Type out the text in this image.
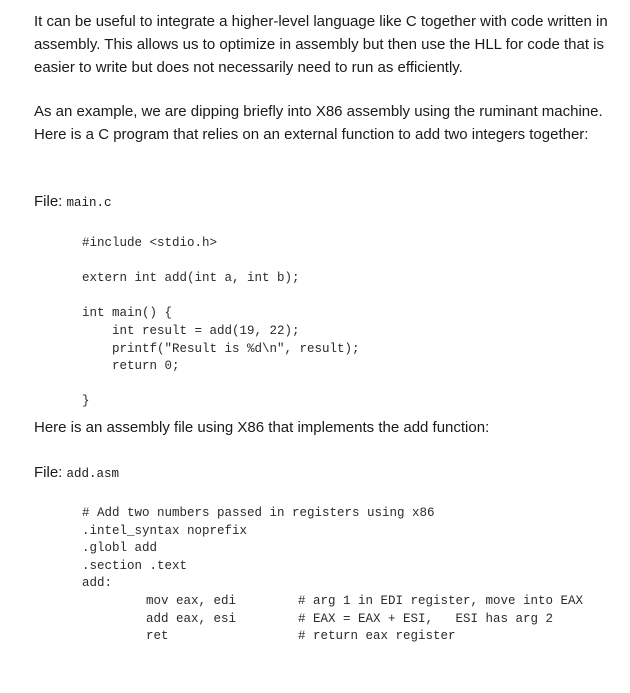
It can be useful to integrate a higher-level language like C together with code written in assembly. This allows us to optimize in assembly but then use the HLL for code that is easier to write but does not necessarily need to run as efficiently.

As an example, we are dipping briefly into X86 assembly using the ruminant machine. Here is a C program that relies on an external function to add two integers together:

File: main.c
#include <stdio.h>
extern int add(int a, int b);
int main() {
int result = add(19, 22);
printf("Result is %d\n", result);
return 0;
}

Here is an assembly file using X86 that implements the add function:

File: add.asm
# Add two numbers passed in registers using x86
.intel_syntax noprefix
.globl add
.section .text
add:
mov eax, edi	# arg 1 in EDI register, move into EAX
add eax, esi	# EAX = EAX + ESI,   ESI has arg 2
ret	# return eax register
